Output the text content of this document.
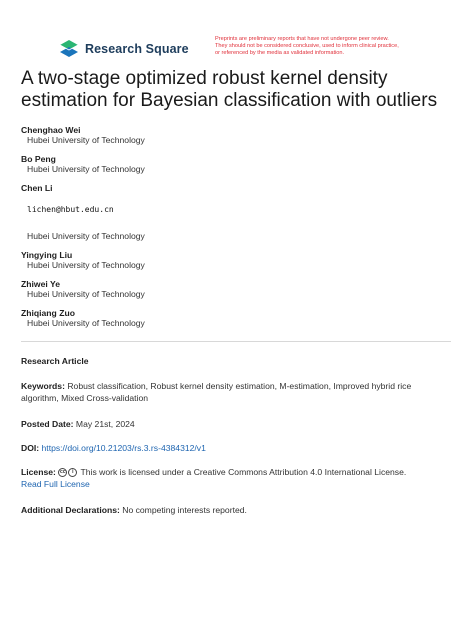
Research Square
Preprints are preliminary reports that have not undergone peer review.
They should not be considered conclusive, used to inform clinical practice,
or referenced by the media as validated information.
A two-stage optimized robust kernel density estimation for Bayesian classification with outliers
Chenghao Wei
Hubei University of Technology
Bo Peng
Hubei University of Technology
Chen Li
lichen@hbut.edu.cn
Hubei University of Technology
Yingying Liu
Hubei University of Technology
Zhiwei Ye
Hubei University of Technology
Zhiqiang Zuo
Hubei University of Technology
Research Article
Keywords: Robust classification, Robust kernel density estimation, M-estimation, Improved hybrid rice algorithm, Mixed Cross-validation
Posted Date: May 21st, 2024
DOI: https://doi.org/10.21203/rs.3.rs-4384312/v1
License: cc i This work is licensed under a Creative Commons Attribution 4.0 International License.
Read Full License
Additional Declarations: No competing interests reported.
